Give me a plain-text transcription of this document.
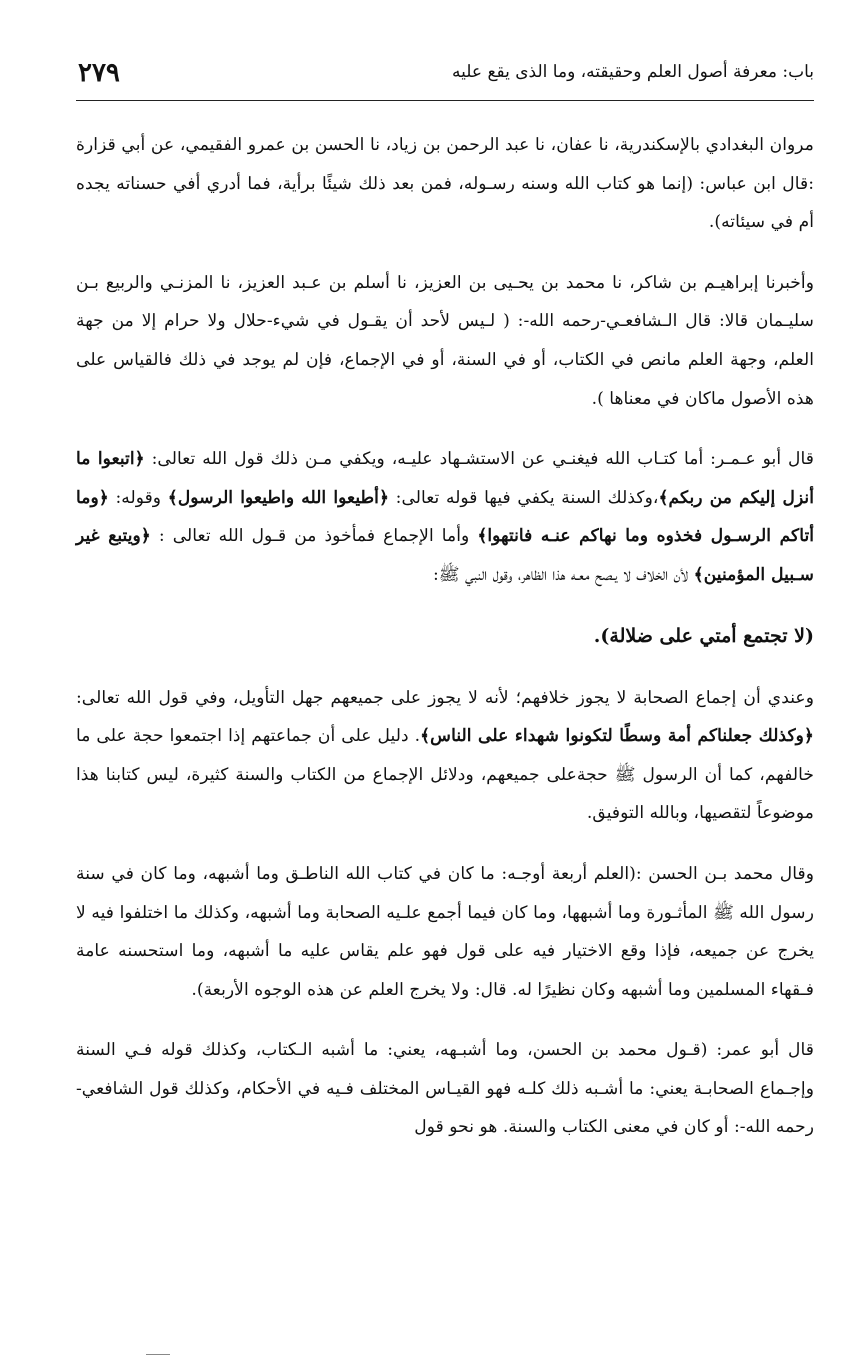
باب: معرفة أصول العلم وحقيقته، وما الذى يقع عليه
٢٧٩

مروان البغدادي بالإسكندرية، نا عفان، نا عبد الرحمن بن زياد، نا الحسن بن عمرو الفقيمي، عن أبي قزارة :قال ابن عباس: (إنما هو كتاب الله وسنه رسـوله، فمن بعد ذلك شيئًا برأية، فما أدري أفي حسناته يجده أم في سيئاته).

وأخبرنا إبراهيـم بن شاكر، نا محمد بن يحـيى بن العزيز، نا أسلم بن عـبد العزيز، نا المزنـي والربيع بـن سليـمان قالا: قال الـشافعـي-رحمه الله-: ( لـيس لأحد أن يقـول في شيء-حلال ولا حرام إلا من جهة العلم، وجهة العلم مانص في الكتاب، أو في السنة، أو في الإجماع، فإن لم يوجد في ذلك فالقياس على هذه الأصول ماكان في معناها ).

قال أبو عـمـر: أما كتـاب الله فيغنـي عن الاستشـهاد عليـه، ويكفي مـن ذلك قول الله تعالى: ﴿اتبعوا ما أنزل إليكم من ربكم﴾،وكذلك السنة يكفي فيها قوله تعالى: ﴿أطيعوا الله واطيعوا الرسول﴾ وقوله: ﴿وما أتاكم الرسـول فخذوه وما نهاكم عنـه فانتهوا﴾ وأما الإجماع فمأخوذ من قـول الله تعالى : ﴿ويتبع غير سـبيل المؤمنين﴾ لأن الخلاف لا يـصح معـه هذا الظاهر، وقول النبي ﷺ:

(لا تجتمع أمتي على ضلالة).

وعندي أن إجماع الصحابة لا يجوز خلافهم؛ لأنه لا يجوز على جميعهم جهل التأويل، وفي قول الله تعالى: ﴿وكذلك جعلناكم أمة وسطًا لتكونوا شهداء على الناس﴾. دليل على أن جماعتهم إذا اجتمعوا حجة على ما خالفهم، كما أن الرسول ﷺ حجةعلى جميعهم، ودلائل الإجماع من الكتاب والسنة كثيرة، ليس كتابنا هذا موضوعاً لتقصيها، وبالله التوفيق.

وقال محمد بـن الحسن :(العلم أربعة أوجـه: ما كان في كتاب الله الناطـق وما أشبهه، وما كان في سنة رسول الله ﷺ المأثـورة وما أشبهها، وما كان فيما أجمع علـيه الصحابة وما أشبهه، وكذلك ما اختلفوا فيه لا يخرج عن جميعه، فإذا وقع الاختيار فيه على قول فهو علم يقاس عليه ما أشبهه، وما استحسنه عامة فـقهاء المسلمين وما أشبهه وكان نظيرًا له. قال: ولا يخرج العلم عن هذه الوجوه الأربعة).

قال أبو عمر: (قـول محمد بن الحسن، وما أشبـهه، يعني: ما أشبه الـكتاب، وكذلك قوله فـي السنة وإجـماع الصحابـة يعني: ما أشـبه ذلك كلـه فهو القيـاس المختلف فـيه في الأحكام، وكذلك قول الشافعي- رحمه الله-: أو كان في معنى الكتاب والسنة. هو نحو قول
